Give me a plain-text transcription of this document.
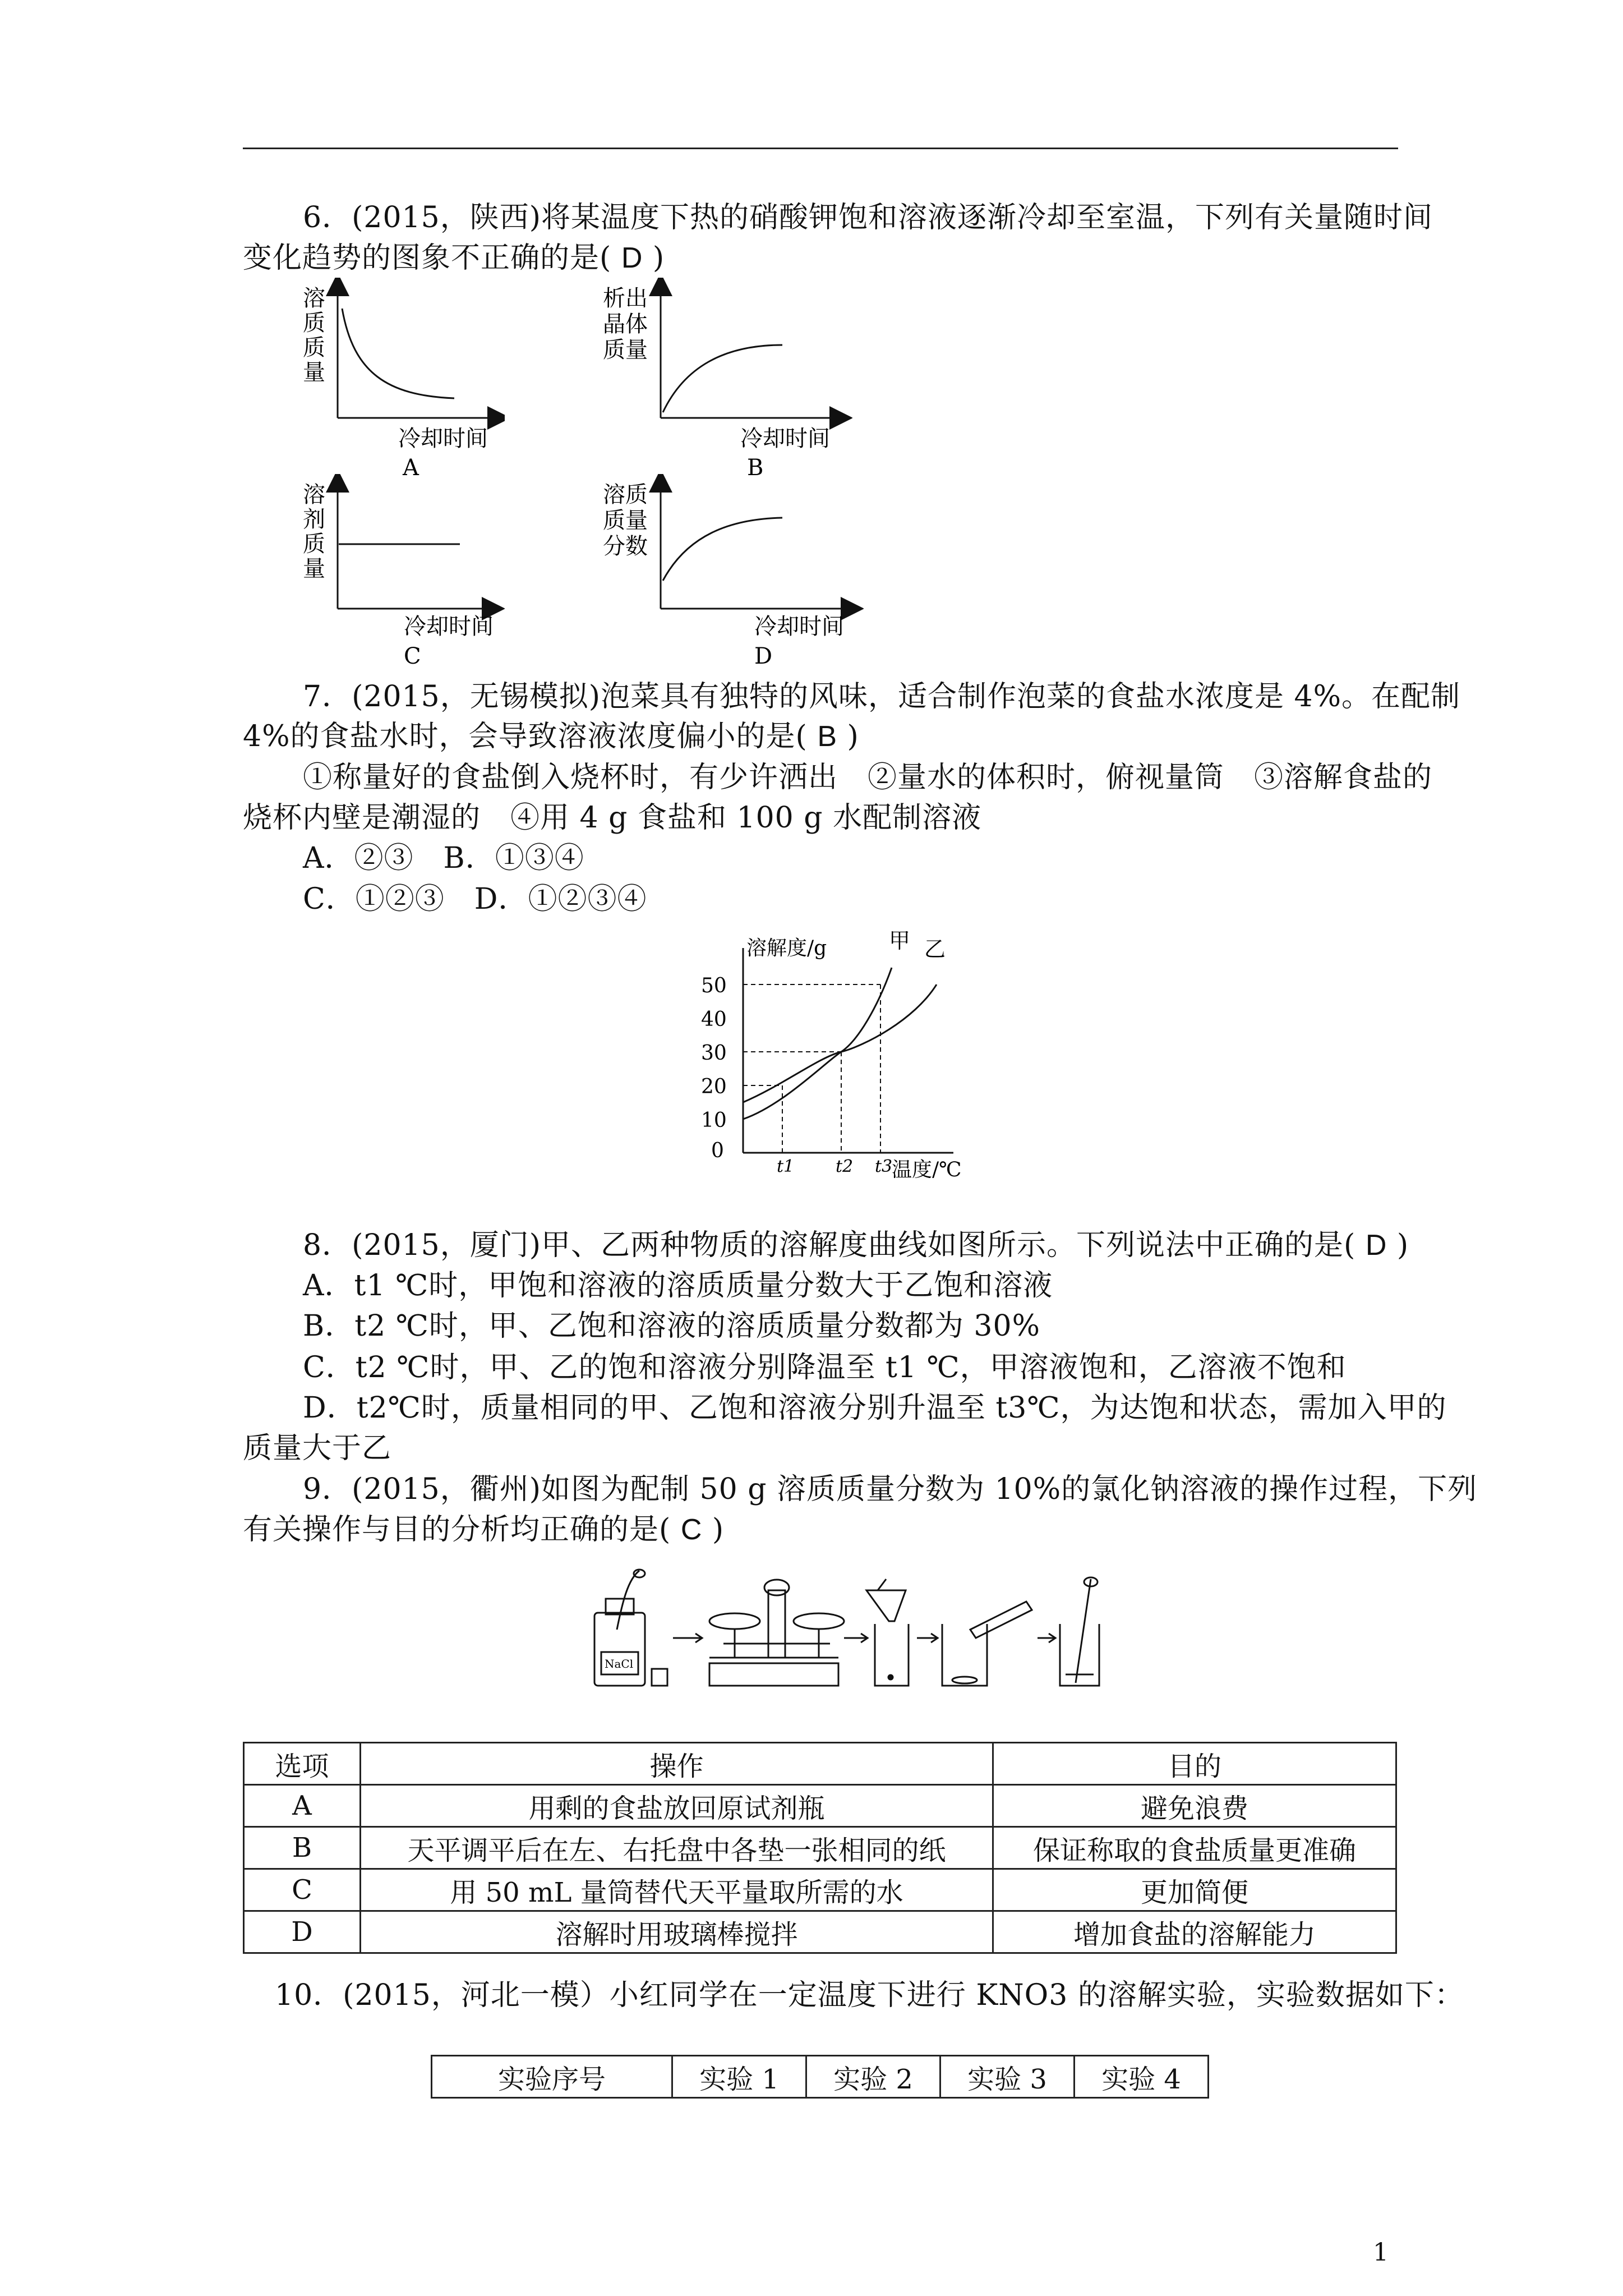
6．(2015，陕西)将某温度下热的硝酸钾饱和溶液逐渐冷却至室温，下列有关量随时间
变化趋势的图象不正确的是( D )
溶
质
质
量
冷却时间
A
析出
晶体
质量
冷却时间
B
溶
剂
质
量
冷却时间
C
溶质
质量
分数
冷却时间
D
7．(2015，无锡模拟)泡菜具有独特的风味，适合制作泡菜的食盐水浓度是 4%。在配制
4%的食盐水时，会导致溶液浓度偏小的是( B )
①称量好的食盐倒入烧杯时，有少许洒出　②量水的体积时，俯视量筒　③溶解食盐的
烧杯内壁是潮湿的　④用 4 g 食盐和 100 g 水配制溶液
A．②③　B．①③④
C．①②③　D．①②③④
50
40
30
20
10
0
t1 t2 t3
溶解度/g
温度/℃
甲 乙
8．(2015，厦门)甲、乙两种物质的溶解度曲线如图所示。下列说法中正确的是( D )
A．t1 ℃时，甲饱和溶液的溶质质量分数大于乙饱和溶液
B．t2 ℃时，甲、乙饱和溶液的溶质质量分数都为 30%
C．t2 ℃时，甲、乙的饱和溶液分别降温至 t1 ℃，甲溶液饱和，乙溶液不饱和
D．t2℃时，质量相同的甲、乙饱和溶液分别升温至 t3℃，为达饱和状态，需加入甲的
质量大于乙
9．(2015，衢州)如图为配制 50 g 溶质质量分数为 10%的氯化钠溶液的操作过程，下列
有关操作与目的分析均正确的是( C )
NaCl
选项	操作	目的
A	用剩的食盐放回原试剂瓶	避免浪费
B	天平调平后在左、右托盘中各垫一张相同的纸	保证称取的食盐质量更准确
C	用 50 mL 量筒替代天平量取所需的水	更加简便
D	溶解时用玻璃棒搅拌	增加食盐的溶解能力
10．(2015，河北一模）小红同学在一定温度下进行 KNO3 的溶解实验，实验数据如下：
实验序号	实验 1	实验 2	实验 3	实验 4
1
